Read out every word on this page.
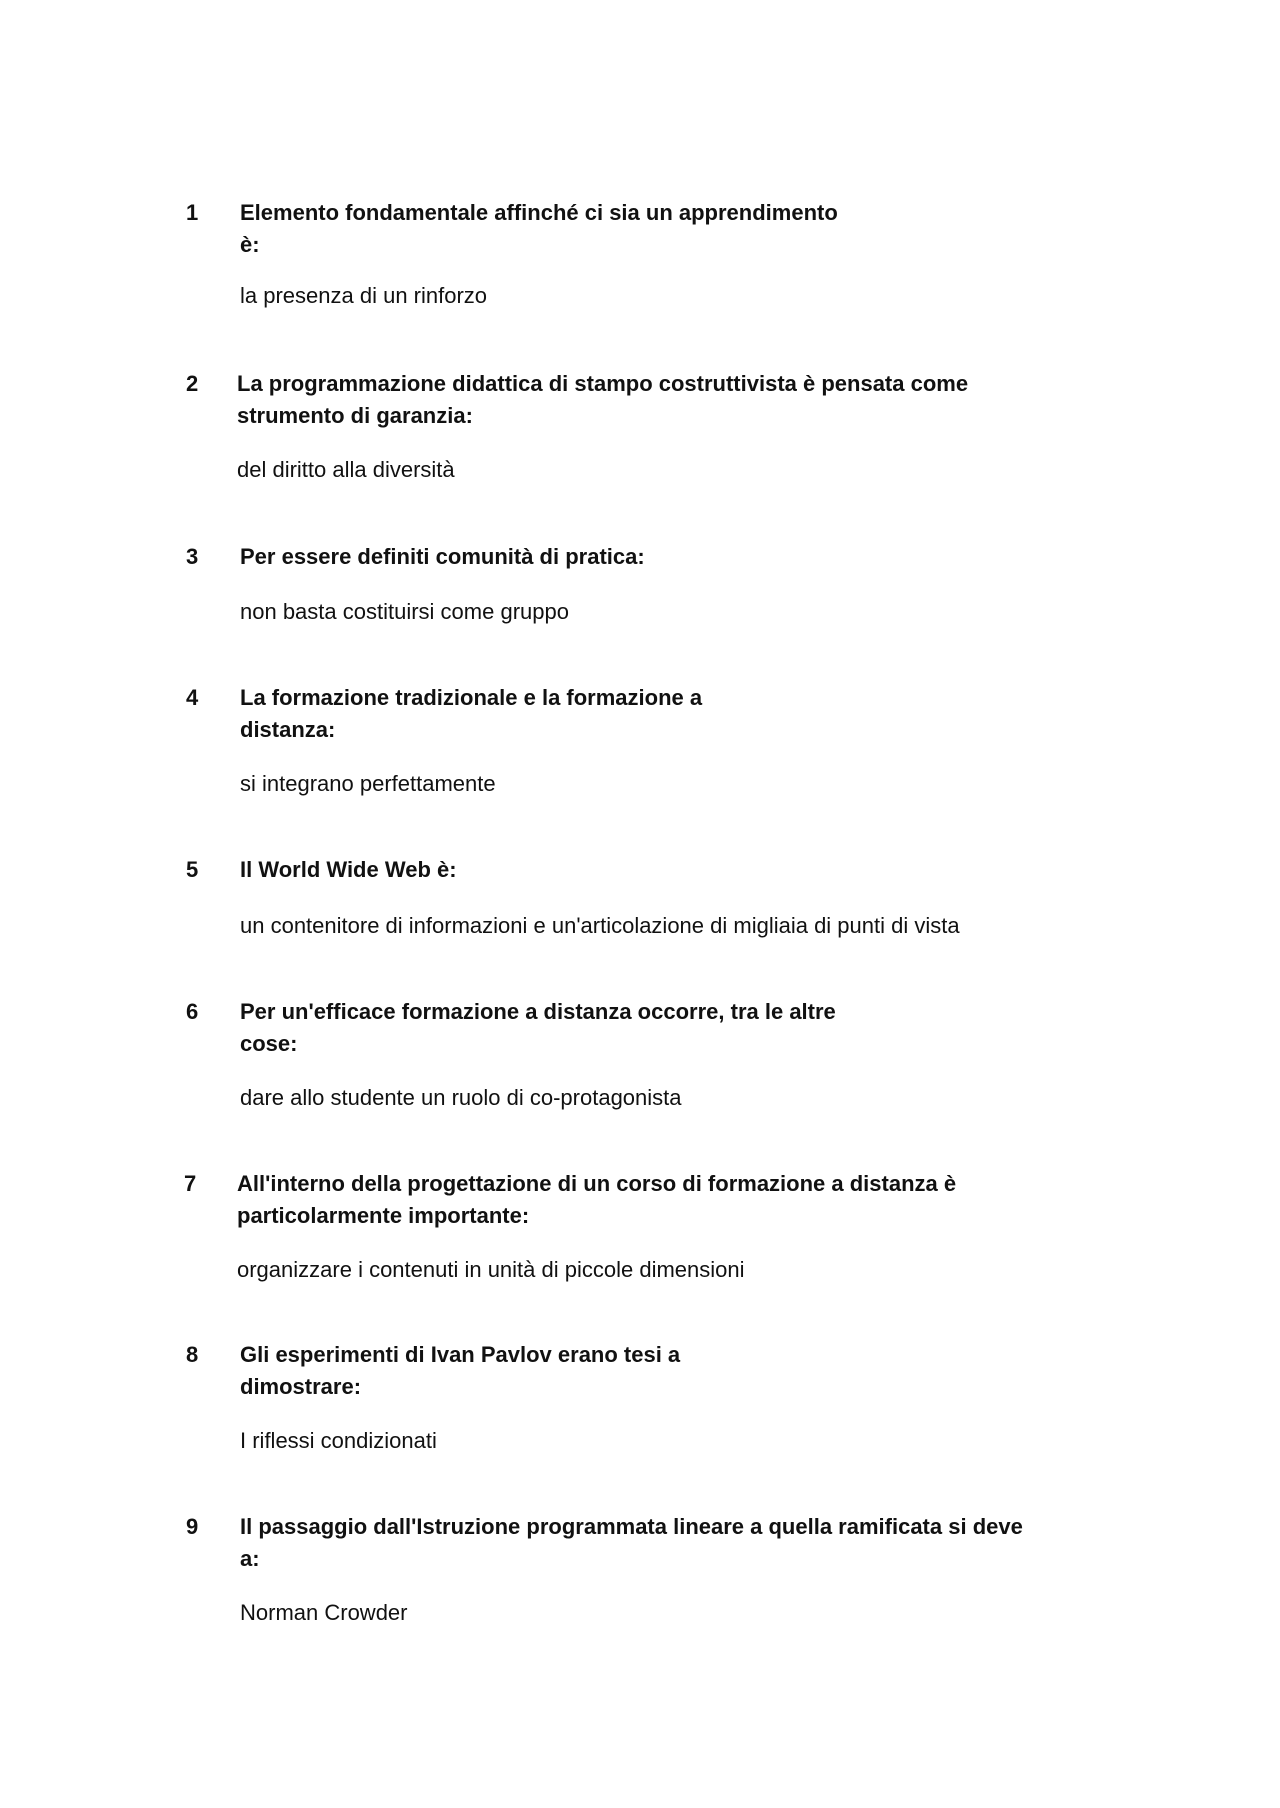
1 Elemento fondamentale affinché ci sia un apprendimento
è:
la presenza di un rinforzo
2 La programmazione didattica di stampo costruttivista è pensata come
strumento di garanzia:
del diritto alla diversità
3 Per essere definiti comunità di pratica:
non basta costituirsi come gruppo
4 La formazione tradizionale e la formazione a
distanza:
si integrano perfettamente
5 Il World Wide Web è:
un contenitore di informazioni e un'articolazione di migliaia di punti di vista
6 Per un'efficace formazione a distanza occorre, tra le altre
cose:
dare allo studente un ruolo di co-protagonista
7 All'interno della progettazione di un corso di formazione a distanza è
particolarmente importante:
organizzare i contenuti in unità di piccole dimensioni
8 Gli esperimenti di Ivan Pavlov erano tesi a
dimostrare:
I riflessi condizionati
9 Il passaggio dall'Istruzione programmata lineare a quella ramificata si deve
a:
Norman Crowder
